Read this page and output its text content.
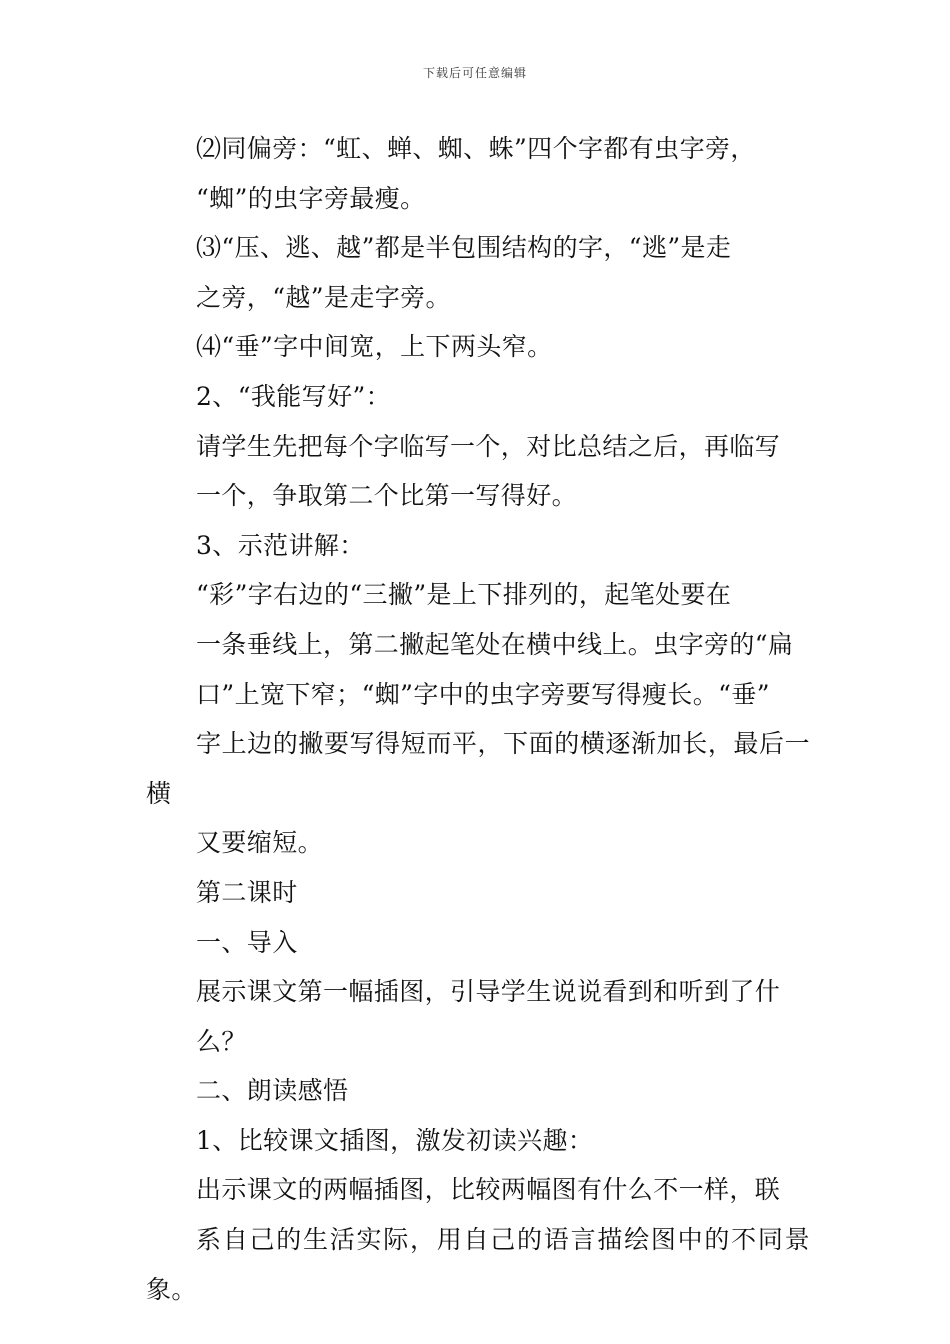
下载后可任意编辑

⑵同偏旁：“虹、蝉、蜘、蛛”四个字都有虫字旁，
“蜘”的虫字旁最瘦。

⑶“压、逃、越”都是半包围结构的字，“逃”是走
之旁，“越”是走字旁。

⑷“垂”字中间宽，上下两头窄。

2、“我能写好”：

请学生先把每个字临写一个，对比总结之后，再临写
一个，争取第二个比第一写得好。

3、示范讲解：

“彩”字右边的“三撇”是上下排列的，起笔处要在
一条垂线上，第二撇起笔处在横中线上。虫字旁的“扁
口”上宽下窄；“蜘”字中的虫字旁要写得瘦长。“垂”
字上边的撇要写得短而平，下面的横逐渐加长，最后一横
又要缩短。

第二课时

一、导入

展示课文第一幅插图，引导学生说说看到和听到了什
么？

二、朗读感悟

1、比较课文插图，激发初读兴趣：

出示课文的两幅插图，比较两幅图有什么不一样，联
系自己的生活实际，用自己的语言描绘图中的不同景象。
